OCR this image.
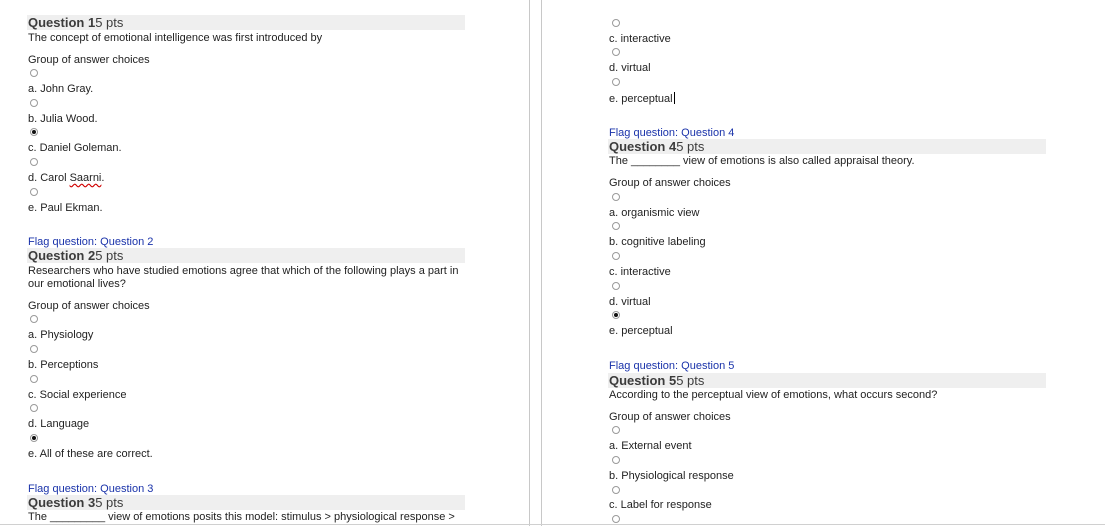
Question 15 pts
The concept of emotional intelligence was first introduced by
Group of answer choices
a. John Gray.
b. Julia Wood.
c. Daniel Goleman.
d. Carol Saarni.
e. Paul Ekman.
Flag question: Question 2
Question 25 pts
Researchers who have studied emotions agree that which of the following plays a part in our emotional lives?
Group of answer choices
a. Physiology
b. Perceptions
c. Social experience
d. Language
e. All of these are correct.
Flag question: Question 3
Question 35 pts
The _________ view of emotions posits this model: stimulus > physiological response >
c. interactive
d. virtual
e. perceptual
Flag question: Question 4
Question 45 pts
The ________ view of emotions is also called appraisal theory.
Group of answer choices
a. organismic view
b. cognitive labeling
c. interactive
d. virtual
e. perceptual
Flag question: Question 5
Question 55 pts
According to the perceptual view of emotions, what occurs second?
Group of answer choices
a. External event
b. Physiological response
c. Label for response
